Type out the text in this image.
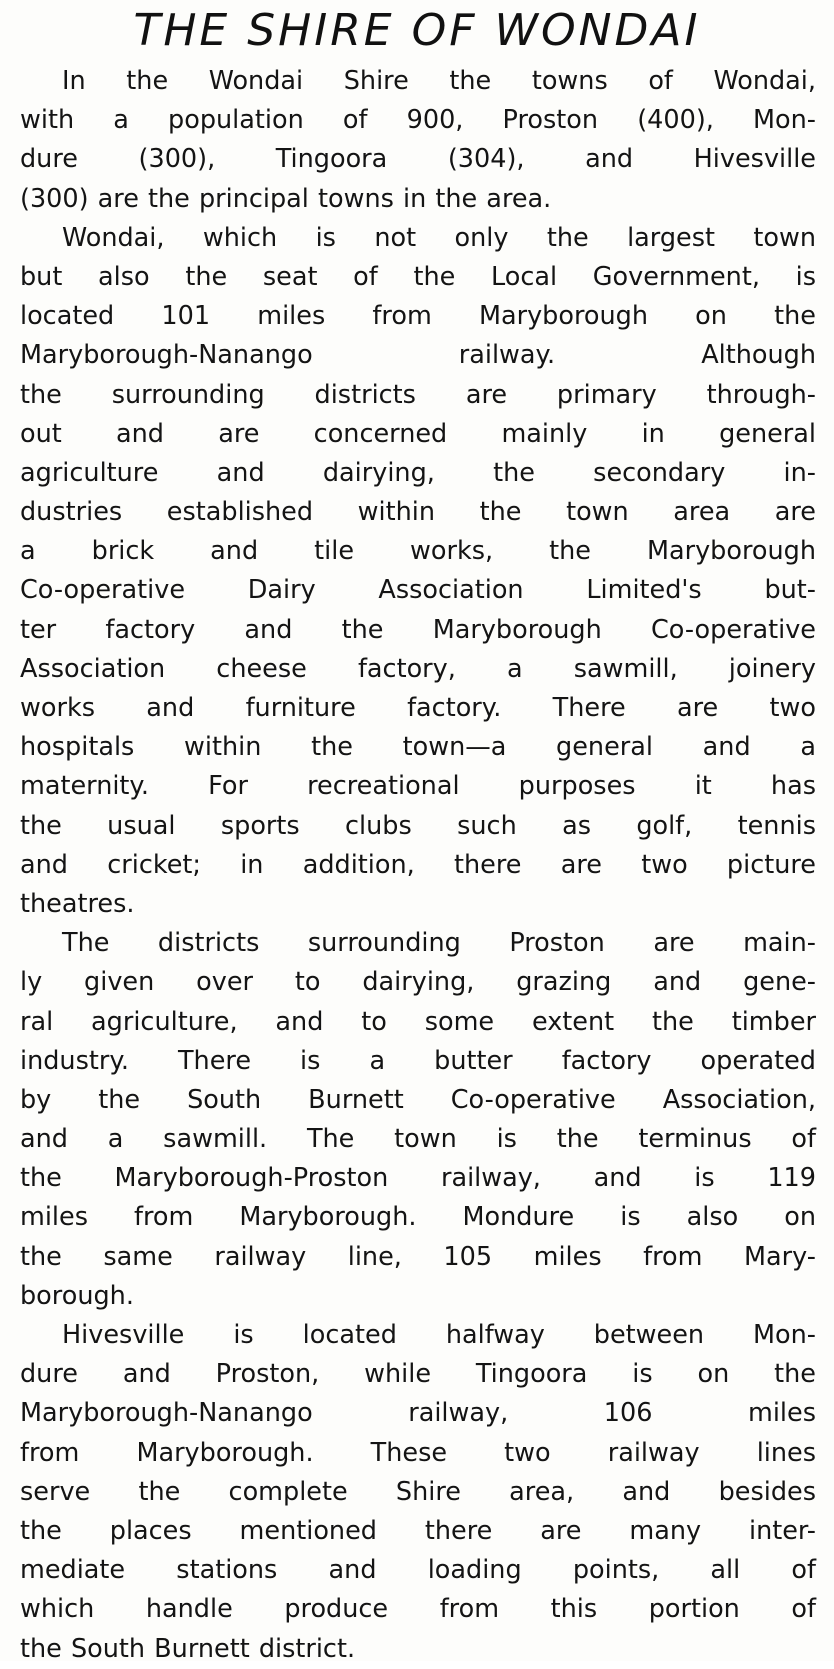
THE SHIRE OF WONDAI
In the Wondai Shire the towns of Wondai,
with a population of 900, Proston (400), Mon-
dure (300), Tingoora (304), and Hivesville
(300) are the principal towns in the area.
Wondai, which is not only the largest town
but also the seat of the Local Government, is
located 101 miles from Maryborough on the
Maryborough-Nanango railway. Although
the surrounding districts are primary through-
out and are concerned mainly in general
agriculture and dairying, the secondary in-
dustries established within the town area are
a brick and tile works, the Maryborough
Co-operative Dairy Association Limited's but-
ter factory and the Maryborough Co-operative
Association cheese factory, a sawmill, joinery
works and furniture factory. There are two
hospitals within the town—a general and a
maternity. For recreational purposes it has
the usual sports clubs such as golf, tennis
and cricket; in addition, there are two picture
theatres.
The districts surrounding Proston are main-
ly given over to dairying, grazing and gene-
ral agriculture, and to some extent the timber
industry. There is a butter factory operated
by the South Burnett Co-operative Association,
and a sawmill. The town is the terminus of
the Maryborough-Proston railway, and is 119
miles from Maryborough. Mondure is also on
the same railway line, 105 miles from Mary-
borough.
Hivesville is located halfway between Mon-
dure and Proston, while Tingoora is on the
Maryborough-Nanango railway, 106 miles
from Maryborough. These two railway lines
serve the complete Shire area, and besides
the places mentioned there are many inter-
mediate stations and loading points, all of
which handle produce from this portion of
the South Burnett district.
